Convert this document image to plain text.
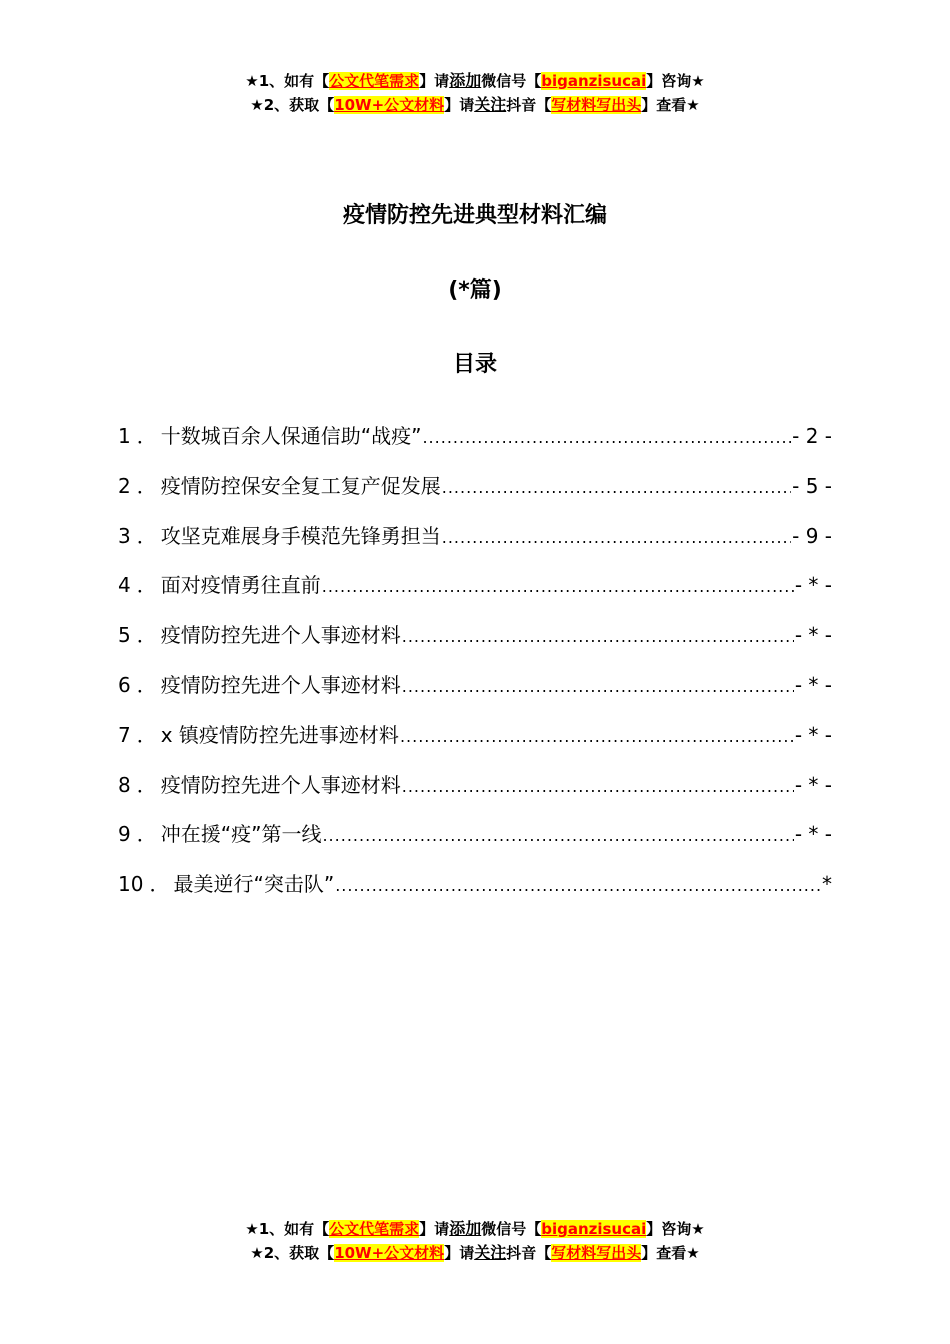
★1、如有【公文代笔需求】请添加微信号【biganzisucai】咨询★
★2、获取【10W+公文材料】请关注抖音【写材料写出头】查看★
疫情防控先进典型材料汇编
(*篇)
目录
1 ． 十数城百余人保通信助“战疫” .....	- 2 -
2 ． 疫情防控保安全复工复产促发展 .....	- 5 -
3 ． 攻坚克难展身手模范先锋勇担当 .....	- 9 -
4 ． 面对疫情勇往直前 .....	- * -
5 ． 疫情防控先进个人事迹材料 .....	- * -
6 ． 疫情防控先进个人事迹材料 .....	- * -
7 ． x 镇疫情防控先进事迹材料 .....	- * -
8 ． 疫情防控先进个人事迹材料 .....	- * -
9 ． 冲在援“疫”第一线 .....	- * -
10 ． 最美逆行“突击队” .....	*
★1、如有【公文代笔需求】请添加微信号【biganzisucai】咨询★
★2、获取【10W+公文材料】请关注抖音【写材料写出头】查看★
